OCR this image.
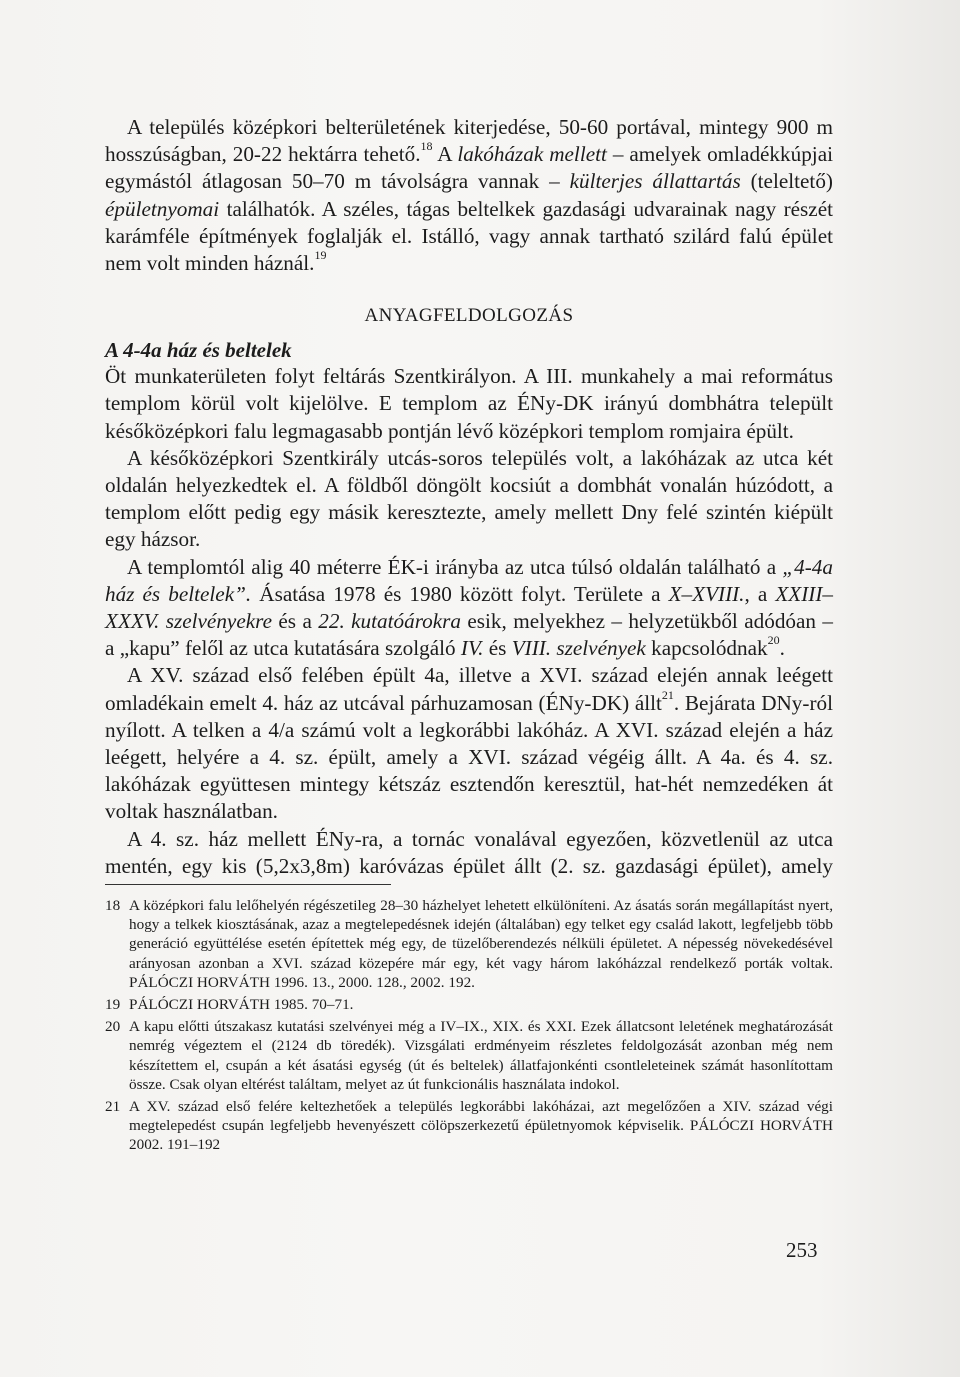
A település középkori belterületének kiterjedése, 50-60 portával, mintegy 900 m hosszúságban, 20-22 hektárra tehető.$^{18}$ A lakóházak mellett – amelyek omladékkúpjai egymástól átlagosan 50–70 m távolságra vannak – külterjes állattartás (teleltető) épületnyomai találhatók. A széles, tágas beltelkek gazdasági udvarainak nagy részét karámféle építmények foglalják el. Istálló, vagy annak tartható szilárd falú épület nem volt minden háznál.$^{19}$

ANYAGFELDOLGOZÁS
A 4-4a ház és beltelek

Öt munkaterületen folyt feltárás Szentkirályon. A III. munkahely a mai református templom körül volt kijelölve. E templom az ÉNy-DK irányú dombhátra települt későközépkori falu legmagasabb pontján lévő középkori templom romjaira épült.

A későközépkori Szentkirály utcás-soros település volt, a lakóházak az utca két oldalán helyezkedtek el. A földből döngölt kocsiút a dombhát vonalán húzódott, a templom előtt pedig egy másik keresztezte, amely mellett Dny felé szintén kiépült egy házsor.

A templomtól alig 40 méterre ÉK-i irányba az utca túlsó oldalán található a „4-4a ház és beltelek”. Ásatása 1978 és 1980 között folyt. Területe a X–XVIII., a XXIII–XXXV. szelvényekre és a 22. kutatóárokra esik, melyekhez – helyzetükből adódóan – a „kapu” felől az utca kutatására szolgáló IV. és VIII. szelvények kapcsolódnak$^{20}$.

A XV. század első felében épült 4a, illetve a XVI. század elején annak leégett omladékain emelt 4. ház az utcával párhuzamosan (ÉNy-DK) állt$^{21}$. Bejárata DNy-ról nyílott. A telken a 4/a számú volt a legkorábbi lakóház. A XVI. század elején a ház leégett, helyére a 4. sz. épült, amely a XVI. század végéig állt. A 4a. és 4. sz. lakóházak együttesen mintegy kétszáz esztendőn keresztül, hat-hét nemzedéken át voltak használatban.

A 4. sz. ház mellett ÉNy-ra, a tornác vonalával egyezően, közvetlenül az utca mentén, egy kis (5,2x3,8m) karóvázas épület állt (2. sz. gazdasági épület), amely

18 A középkori falu lelőhelyén régészetileg 28–30 házhelyet lehetett elkülöníteni. Az ásatás során megállapítást nyert, hogy a telkek kiosztásának, azaz a megtelepedésnek idején (általában) egy telket egy család lakott, legfeljebb több generáció együttélése esetén építettek még egy, de tüzelőberendezés nélküli épületet. A népesség növekedésével arányosan azonban a XVI. század közepére már egy, két vagy három lakóházzal rendelkező porták voltak. PÁLÓCZI HORVÁTH 1996. 13., 2000. 128., 2002. 192.
19 PÁLÓCZI HORVÁTH 1985. 70–71.
20 A kapu előtti útszakasz kutatási szelvényei még a IV–IX., XIX. és XXI. Ezek állatcsont leletének meghatározását nemrég végeztem el (2124 db töredék). Vizsgálati erdményeim részletes feldolgozását azonban még nem készítettem el, csupán a két ásatási egység (út és beltelek) állatfajonkénti csontleleteinek számát hasonlítottam össze. Csak olyan eltérést találtam, melyet az út funkcionális használata indokol.
21 A XV. század első felére keltezhetőek a település legkorábbi lakóházai, azt megelőzően a XIV. század végi megtelepedést csupán legfeljebb hevenyészett cölöpszerkezetű épületnyomok képviselik. PÁLÓCZI HORVÁTH 2002. 191–192
253
